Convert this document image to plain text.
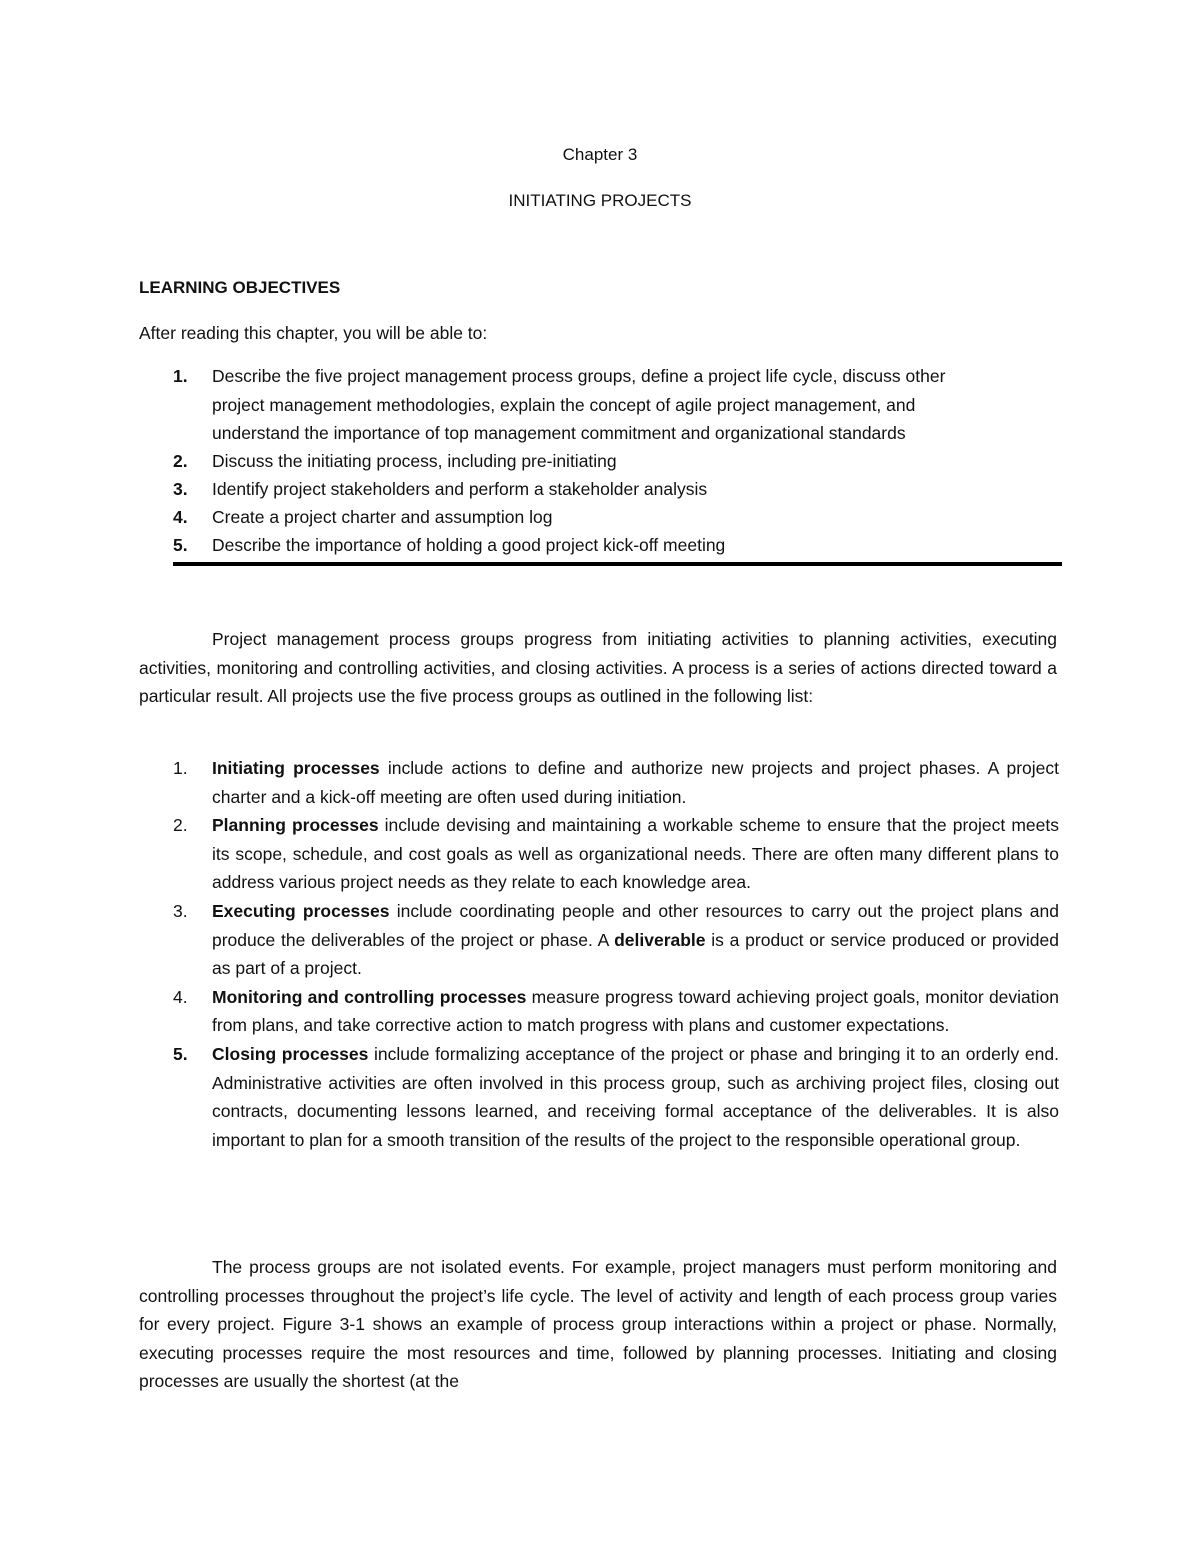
Chapter 3
INITIATING PROJECTS
LEARNING OBJECTIVES
After reading this chapter, you will be able to:
1. Describe the five project management process groups, define a project life cycle, discuss other
project management methodologies, explain the concept of agile project management, and
understand the importance of top management commitment and organizational standards
2. Discuss the initiating process, including pre-initiating
3. Identify project stakeholders and perform a stakeholder analysis
4. Create a project charter and assumption log
5. Describe the importance of holding a good project kick-off meeting

Project management process groups progress from initiating activities to planning activities, executing activities, monitoring and controlling activities, and closing activities. A process is a series of actions directed toward a particular result. All projects use the five process groups as outlined in the following list:

1. Initiating processes include actions to define and authorize new projects and project phases. A project charter and a kick-off meeting are often used during initiation.
2. Planning processes include devising and maintaining a workable scheme to ensure that the project meets its scope, schedule, and cost goals as well as organizational needs. There are often many different plans to address various project needs as they relate to each knowledge area.
3. Executing processes include coordinating people and other resources to carry out the project plans and produce the deliverables of the project or phase. A deliverable is a product or service produced or provided as part of a project.
4. Monitoring and controlling processes measure progress toward achieving project goals, monitor deviation from plans, and take corrective action to match progress with plans and customer expectations.
5. Closing processes include formalizing acceptance of the project or phase and bringing it to an orderly end. Administrative activities are often involved in this process group, such as archiving project files, closing out contracts, documenting lessons learned, and receiving formal acceptance of the deliverables. It is also important to plan for a smooth transition of the results of the project to the responsible operational group.

The process groups are not isolated events. For example, project managers must perform monitoring and controlling processes throughout the project’s life cycle. The level of activity and length of each process group varies for every project. Figure 3-1 shows an example of process group interactions within a project or phase. Normally, executing processes require the most resources and time, followed by planning processes. Initiating and closing processes are usually the shortest (at the
